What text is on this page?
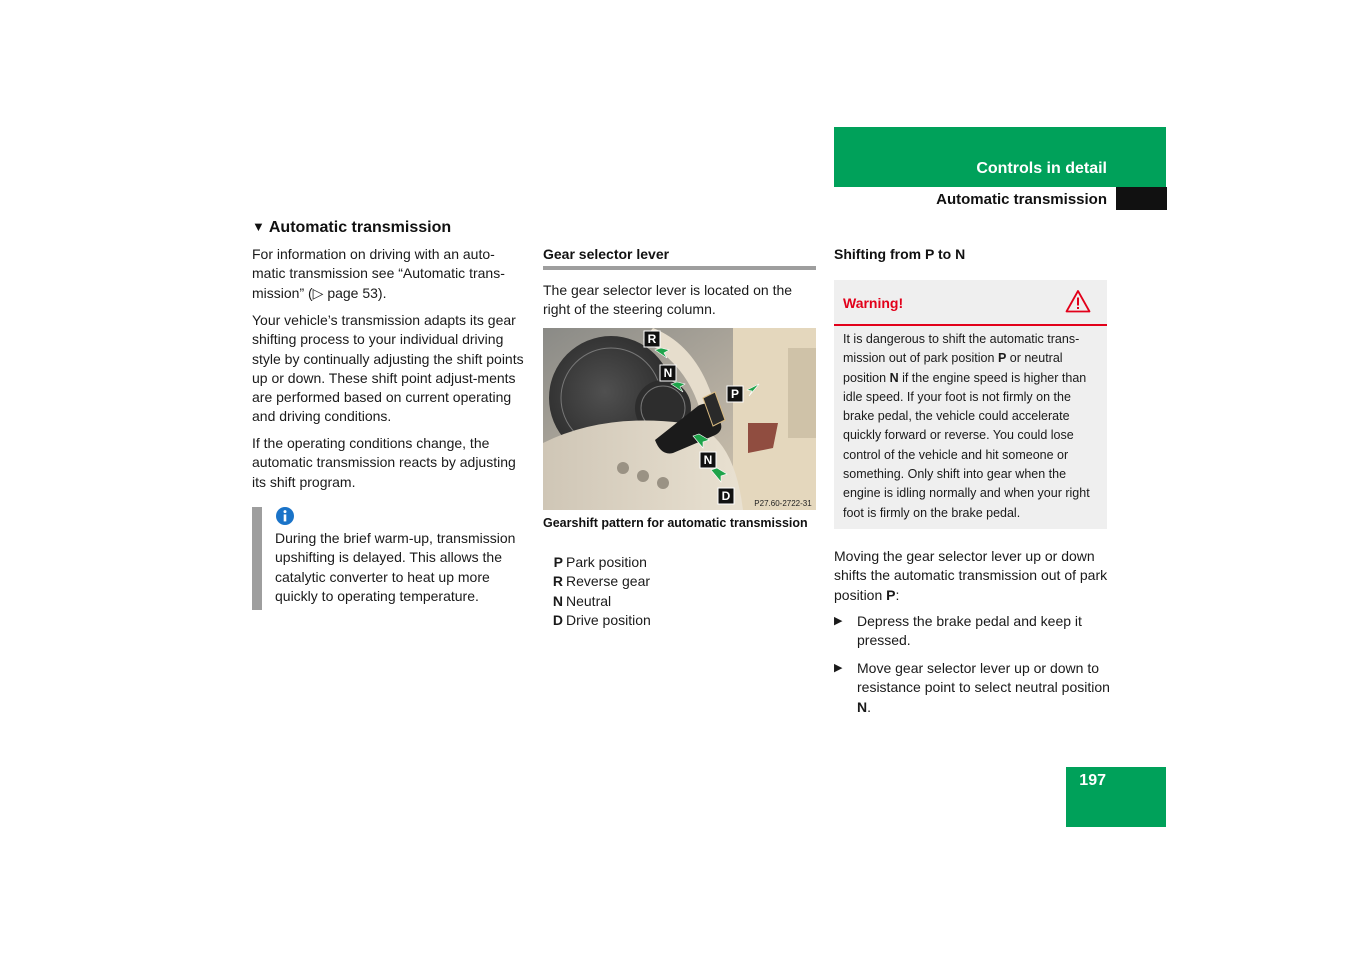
Controls in detail
Automatic transmission
▼ Automatic transmission
For information on driving with an auto-matic transmission see “Automatic trans-mission” (▷ page 53).
Your vehicle’s transmission adapts its gear shifting process to your individual driving style by continually adjusting the shift points up or down. These shift point adjust-ments are performed based on current operating and driving conditions.
If the operating conditions change, the automatic transmission reacts by adjusting its shift program.
During the brief warm-up, transmission upshifting is delayed. This allows the catalytic converter to heat up more quickly to operating temperature.
Gear selector lever
The gear selector lever is located on the right of the steering column.
R
N
P
N
D
P27.60-2722-31
Gearshift pattern for automatic transmission
P Park position
R Reverse gear
N Neutral
D Drive position
Shifting from P to N
Warning!
It is dangerous to shift the automatic trans-mission out of park position P or neutral position N if the engine speed is higher than idle speed. If your foot is not firmly on the brake pedal, the vehicle could accelerate quickly forward or reverse. You could lose control of the vehicle and hit someone or something. Only shift into gear when the engine is idling normally and when your right foot is firmly on the brake pedal.
Moving the gear selector lever up or down shifts the automatic transmission out of park position P:
▶ Depress the brake pedal and keep it pressed.
▶ Move gear selector lever up or down to resistance point to select neutral position N.
197
